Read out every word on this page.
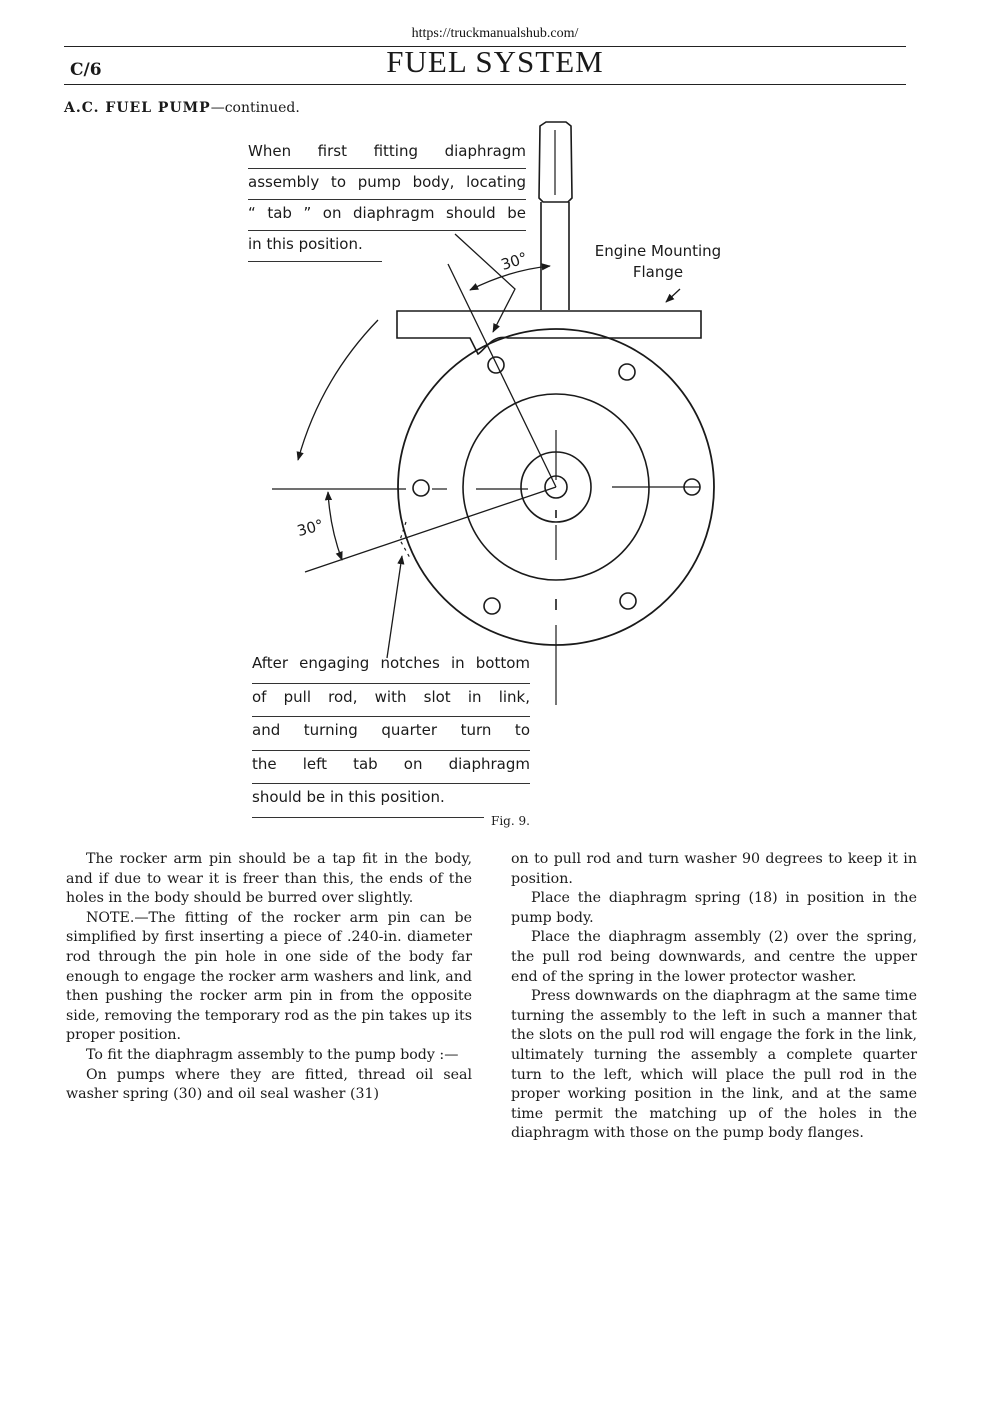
https://truckmanualshub.com/
C/6	FUEL SYSTEM
A.C. FUEL PUMP—continued.
30°
30°
When first fitting diaphragm
assembly to pump body, locating
“ tab ” on diaphragm should be
in this position.	Engine Mounting
Flange
After engaging notches in bottom
of pull rod, with slot in link,
and turning quarter turn to
the left tab on diaphragm
should be in this position.
Fig. 9.

The rocker arm pin should be a tap fit in the body, and if due to wear it is freer than this, the ends of the holes in the body should be burred over slightly.

NOTE.—The fitting of the rocker arm pin can be simplified by first inserting a piece of .240-in. diameter rod through the pin hole in one side of the body far enough to engage the rocker arm washers and link, and then pushing the rocker arm pin in from the opposite side, removing the temporary rod as the pin takes up its proper position.

To fit the diaphragm assembly to the pump body :—

On pumps where they are fitted, thread oil seal washer spring (30) and oil seal washer (31)

on to pull rod and turn washer 90 degrees to keep it in position.

Place the diaphragm spring (18) in position in the pump body.

Place the diaphragm assembly (2) over the spring, the pull rod being downwards, and centre the upper end of the spring in the lower protector washer.

Press downwards on the diaphragm at the same time turning the assembly to the left in such a manner that the slots on the pull rod will engage the fork in the link, ultimately turning the assembly a complete quarter turn to the left, which will place the pull rod in the proper working position in the link, and at the same time permit the matching up of the holes in the diaphragm with those on the pump body flanges.
